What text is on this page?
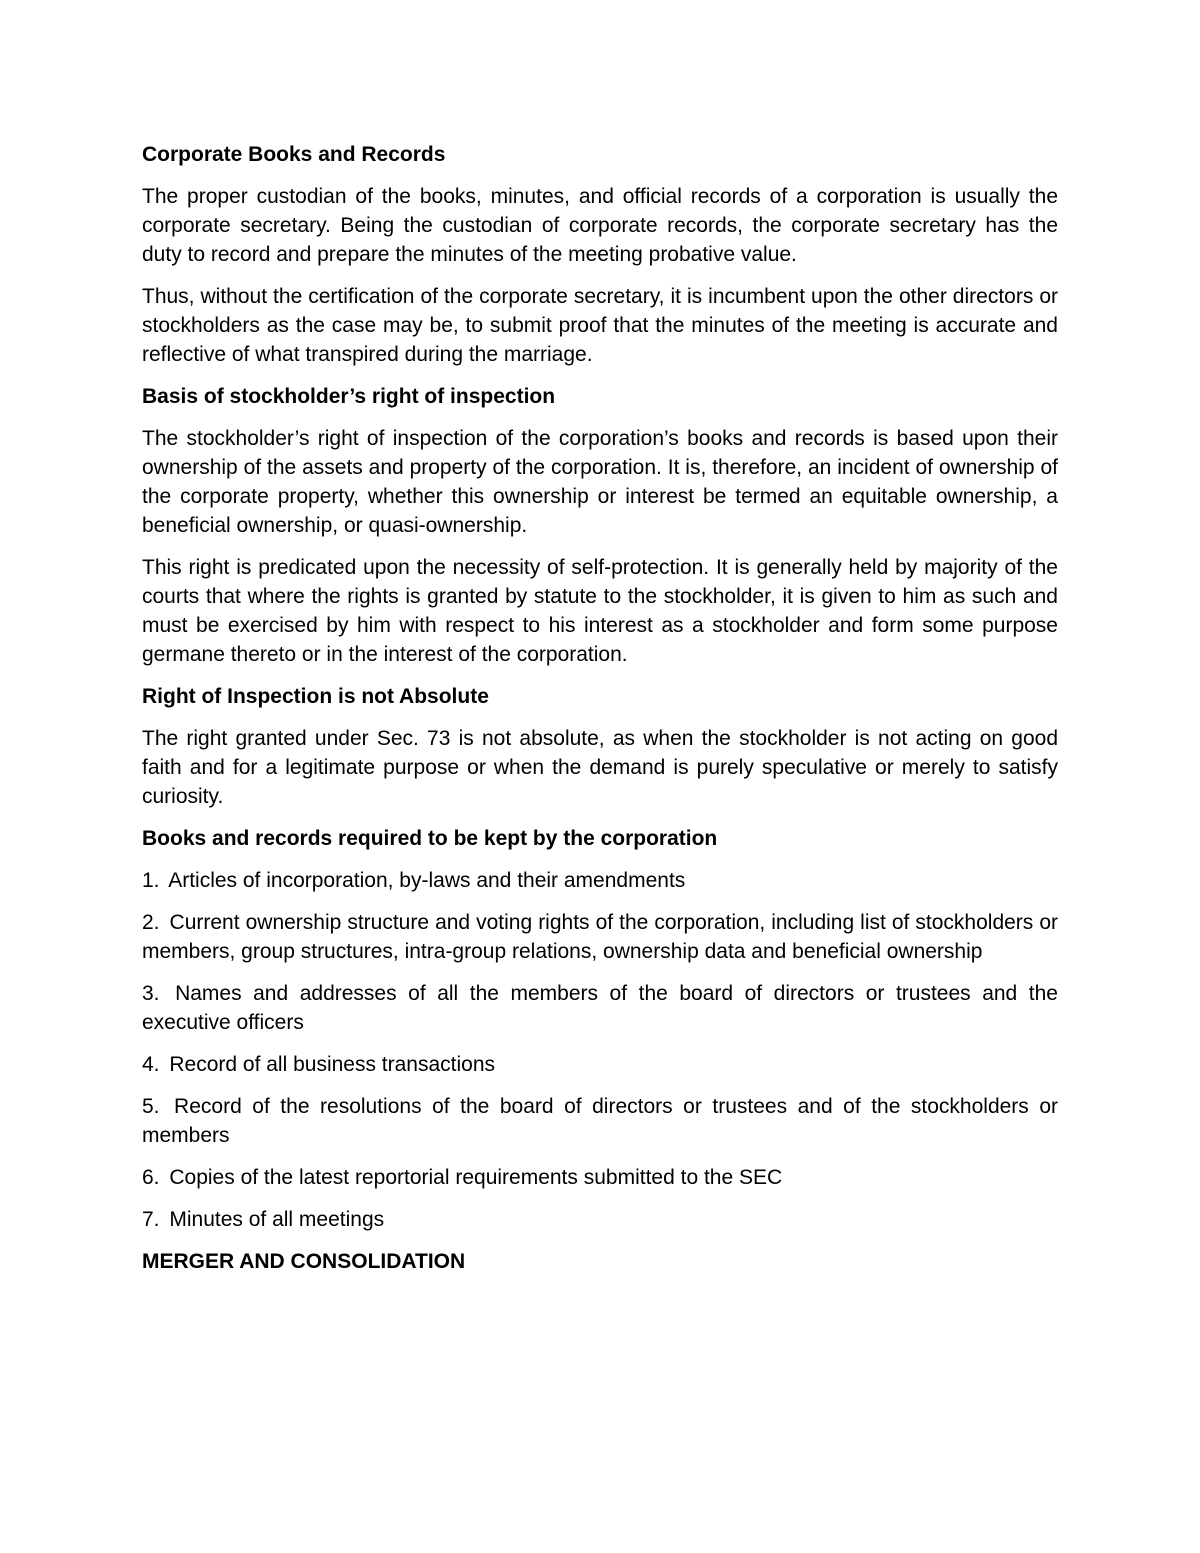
Corporate Books and Records
The proper custodian of the books, minutes, and official records of a corporation is usually the corporate secretary. Being the custodian of corporate records, the corporate secretary has the duty to record and prepare the minutes of the meeting probative value.
Thus, without the certification of the corporate secretary, it is incumbent upon the other directors or stockholders as the case may be, to submit proof that the minutes of the meeting is accurate and reflective of what transpired during the marriage.
Basis of stockholder’s right of inspection
The stockholder’s right of inspection of the corporation’s books and records is based upon their ownership of the assets and property of the corporation. It is, therefore, an incident of ownership of the corporate property, whether this ownership or interest be termed an equitable ownership, a beneficial ownership, or quasi-ownership.
This right is predicated upon the necessity of self-protection. It is generally held by majority of the courts that where the rights is granted by statute to the stockholder, it is given to him as such and must be exercised by him with respect to his interest as a stockholder and form some purpose germane thereto or in the interest of the corporation.
Right of Inspection is not Absolute
The right granted under Sec. 73 is not absolute, as when the stockholder is not acting on good faith and for a legitimate purpose or when the demand is purely speculative or merely to satisfy curiosity.
Books and records required to be kept by the corporation
1. Articles of incorporation, by-laws and their amendments
2. Current ownership structure and voting rights of the corporation, including list of stockholders or members, group structures, intra-group relations, ownership data and beneficial ownership
3. Names and addresses of all the members of the board of directors or trustees and the executive officers
4. Record of all business transactions
5. Record of the resolutions of the board of directors or trustees and of the stockholders or members
6. Copies of the latest reportorial requirements submitted to the SEC
7. Minutes of all meetings
MERGER AND CONSOLIDATION
